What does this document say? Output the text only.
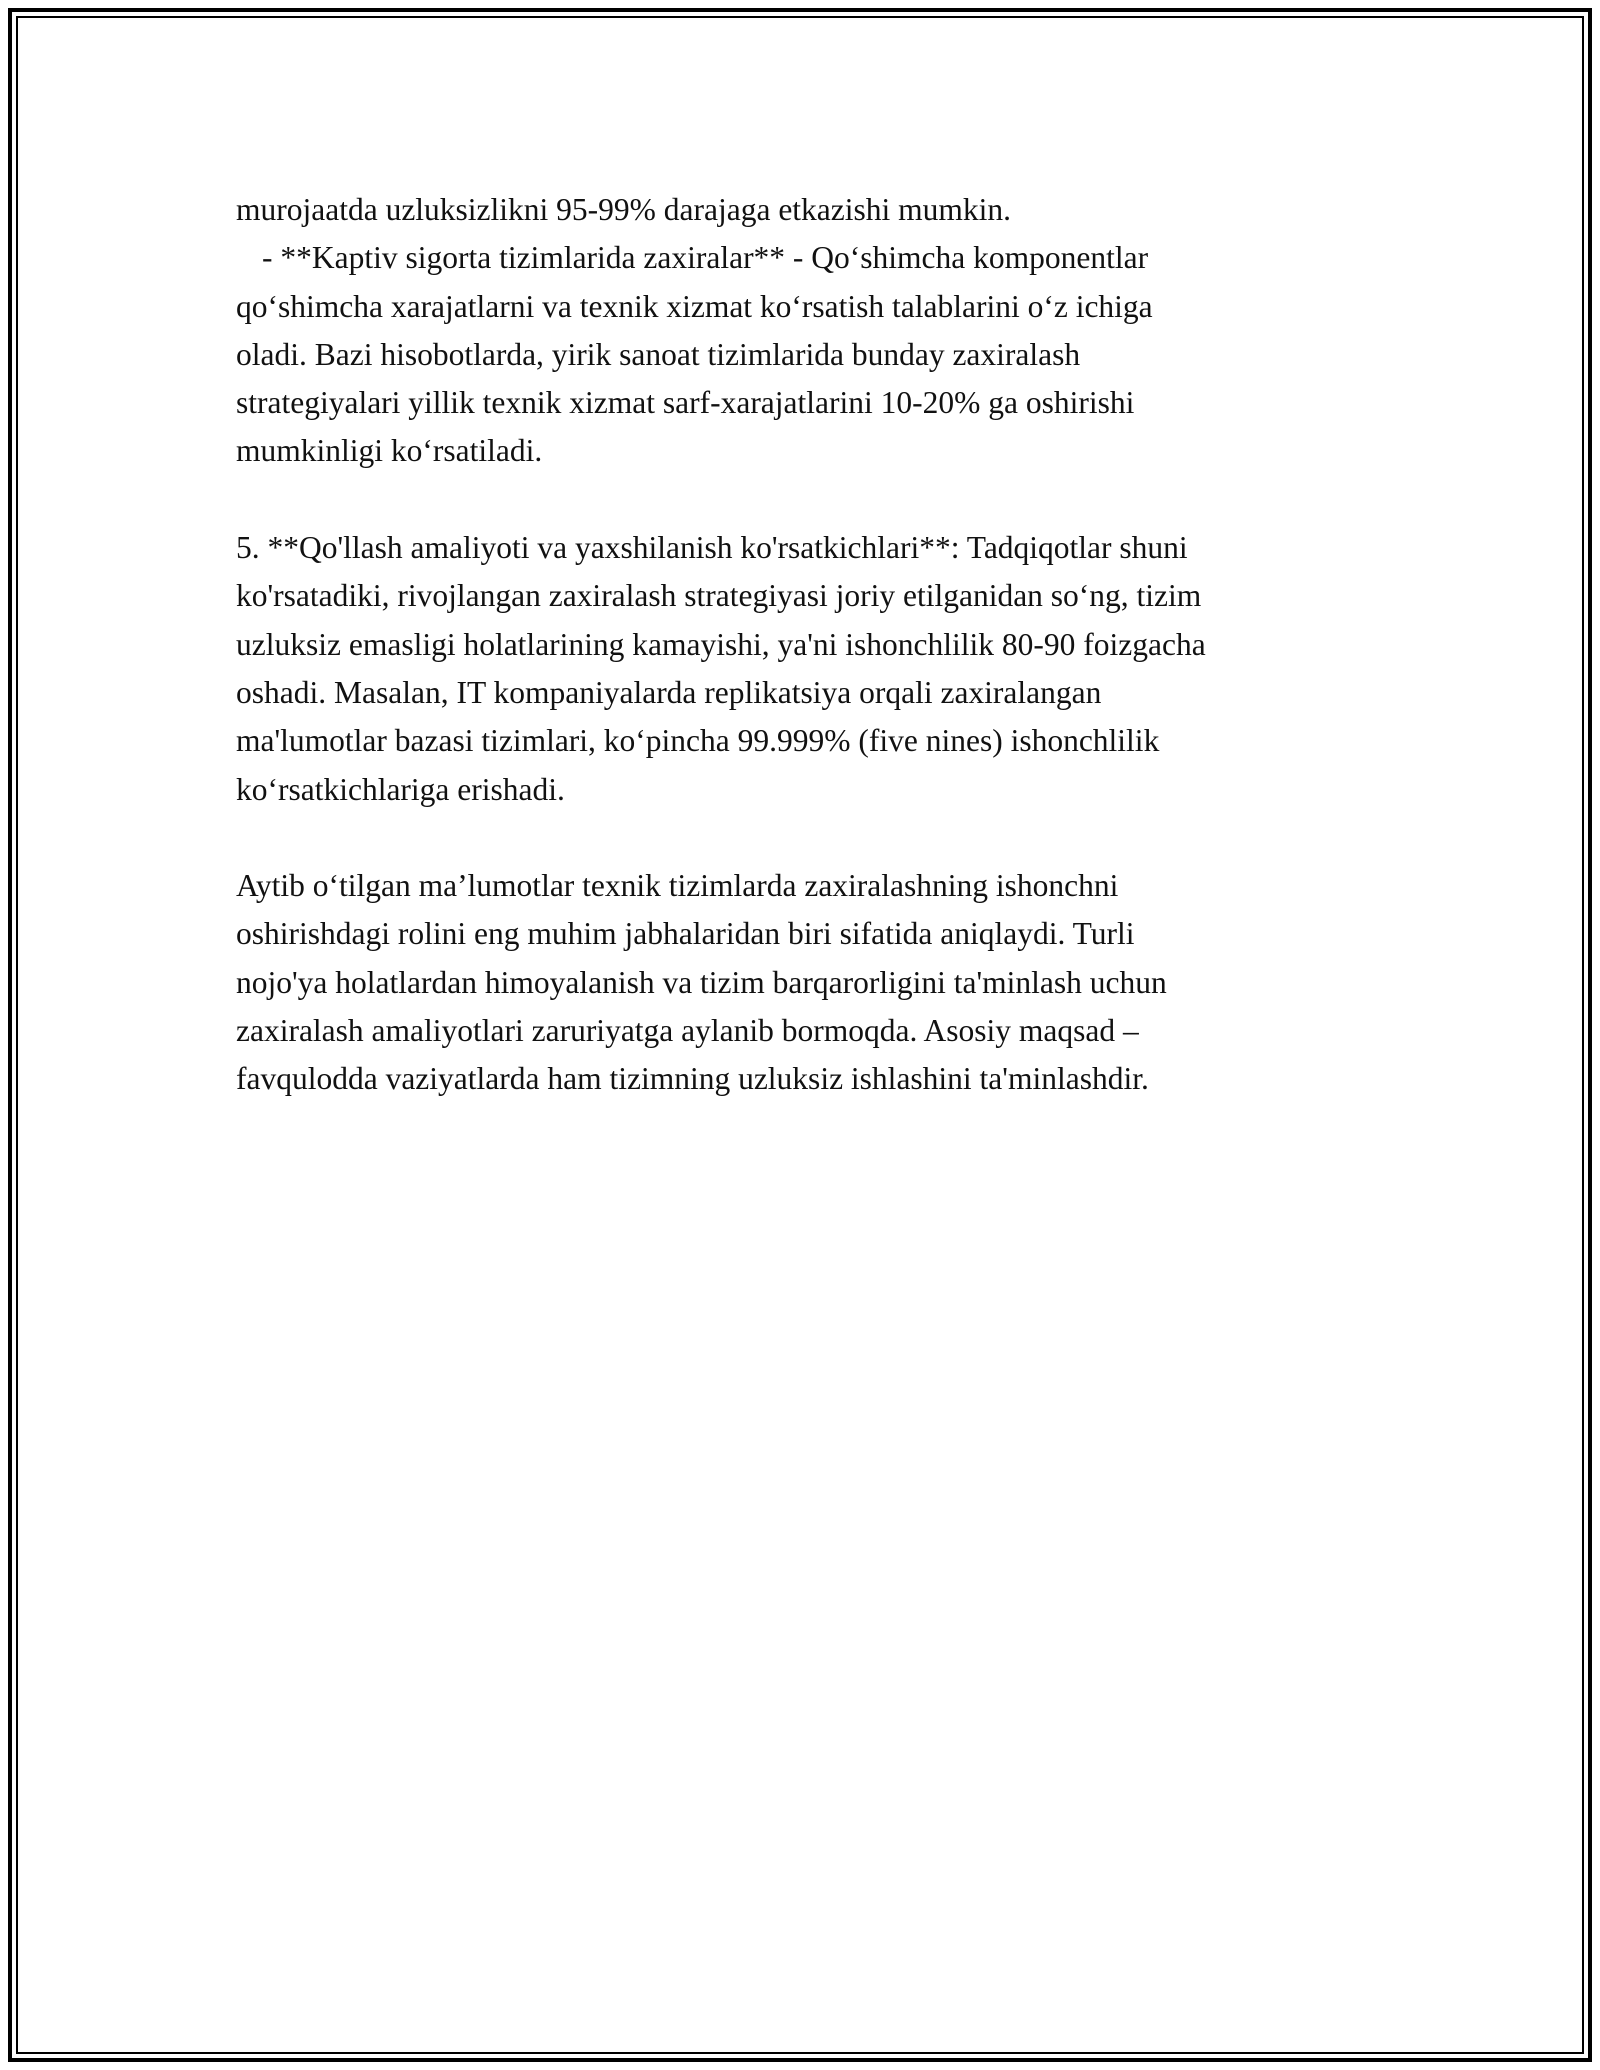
murojaatda uzluksizlikni 95-99% darajaga etkazishi mumkin.
- **Kaptiv sigorta tizimlarida zaxiralar** - Qo‘shimcha komponentlar
qo‘shimcha xarajatlarni va texnik xizmat ko‘rsatish talablarini o‘z ichiga
oladi. Bazi hisobotlarda, yirik sanoat tizimlarida bunday zaxiralash
strategiyalari yillik texnik xizmat sarf-xarajatlarini 10-20% ga oshirishi
mumkinligi ko‘rsatiladi.
5. **Qo'llash amaliyoti va yaxshilanish ko'rsatkichlari**: Tadqiqotlar shuni
ko'rsatadiki, rivojlangan zaxiralash strategiyasi joriy etilganidan so‘ng, tizim
uzluksiz emasligi holatlarining kamayishi, ya'ni ishonchlilik 80-90 foizgacha
oshadi. Masalan, IT kompaniyalarda replikatsiya orqali zaxiralangan
ma'lumotlar bazasi tizimlari, ko‘pincha 99.999% (five nines) ishonchlilik
ko‘rsatkichlariga erishadi.
Aytib o‘tilgan ma’lumotlar texnik tizimlarda zaxiralashning ishonchni
oshirishdagi rolini eng muhim jabhalaridan biri sifatida aniqlaydi. Turli
nojo'ya holatlardan himoyalanish va tizim barqarorligini ta'minlash uchun
zaxiralash amaliyotlari zaruriyatga aylanib bormoqda. Asosiy maqsad –
favqulodda vaziyatlarda ham tizimning uzluksiz ishlashini ta'minlashdir.
